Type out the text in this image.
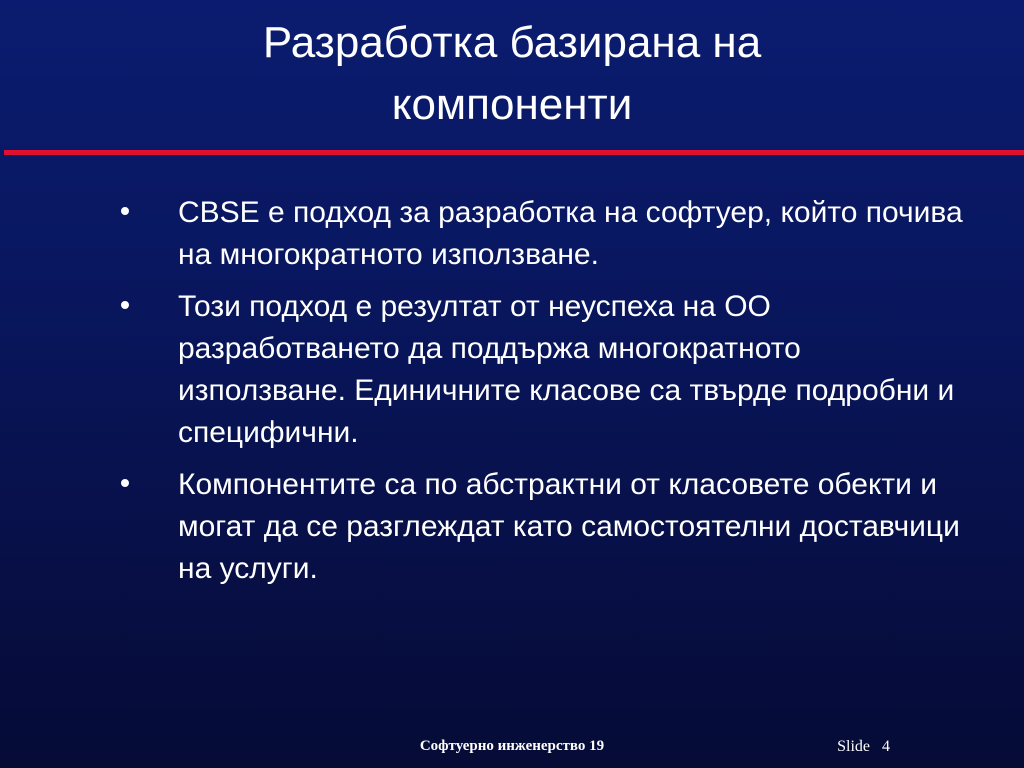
Разработка базирана на
компоненти
CBSE е подход за разработка на софтуер, който почива на многократното използване.
Този подход е резултат от неуспеха на ОО разработването да поддържа многократното използване. Единичните класове са твърде подробни и специфични.
Компонентите са по абстрактни от класовете обекти и могат да се разглеждат като самостоятелни доставчици на услуги.
Софтуерно инженерство 19	Slide 4
